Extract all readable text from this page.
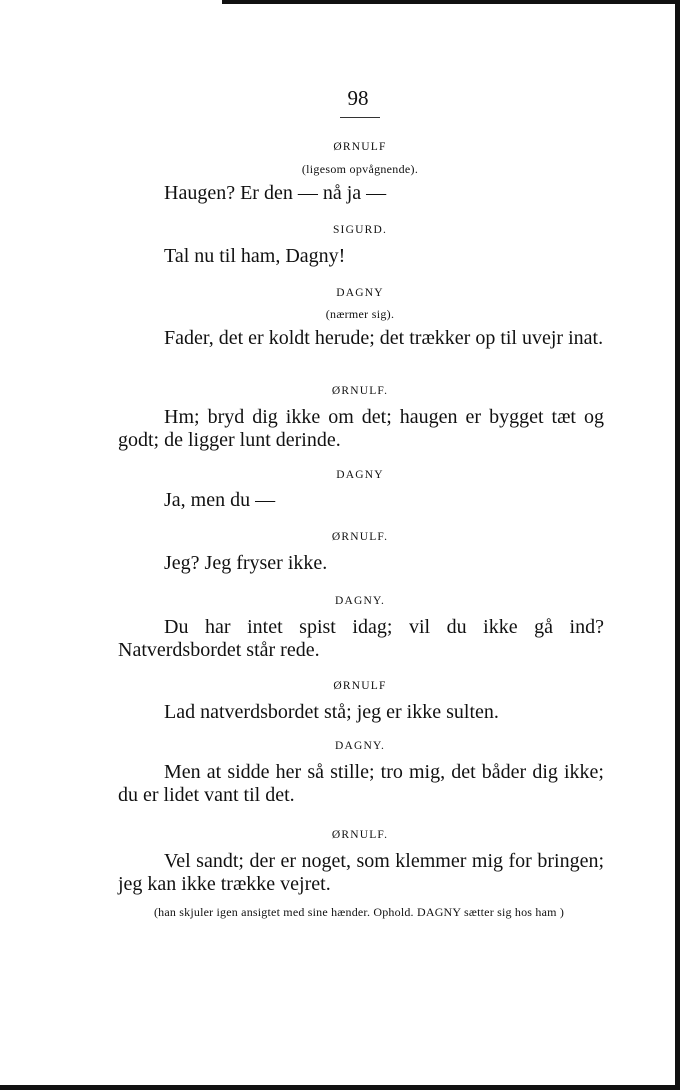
98
ØRNULF
(ligesom opvågnende).
Haugen? Er den — nå ja —
SIGURD.
Tal nu til ham, Dagny!
DAGNY
(nærmer sig).
Fader, det er koldt herude; det trækker op til uvejr inat.
ØRNULF.
Hm; bryd dig ikke om det; haugen er bygget tæt og godt; de ligger lunt derinde.
DAGNY
Ja, men du —
ØRNULF.
Jeg? Jeg fryser ikke.
DAGNY.
Du har intet spist idag; vil du ikke gå ind? Natverdsbordet står rede.
ØRNULF
Lad natverdsbordet stå; jeg er ikke sulten.
DAGNY.
Men at sidde her så stille; tro mig, det båder dig ikke; du er lidet vant til det.
ØRNULF.
Vel sandt; der er noget, som klemmer mig for bringen; jeg kan ikke trække vejret.
(han skjuler igen ansigtet med sine hænder. Ophold. DAGNY sætter sig hos ham )
